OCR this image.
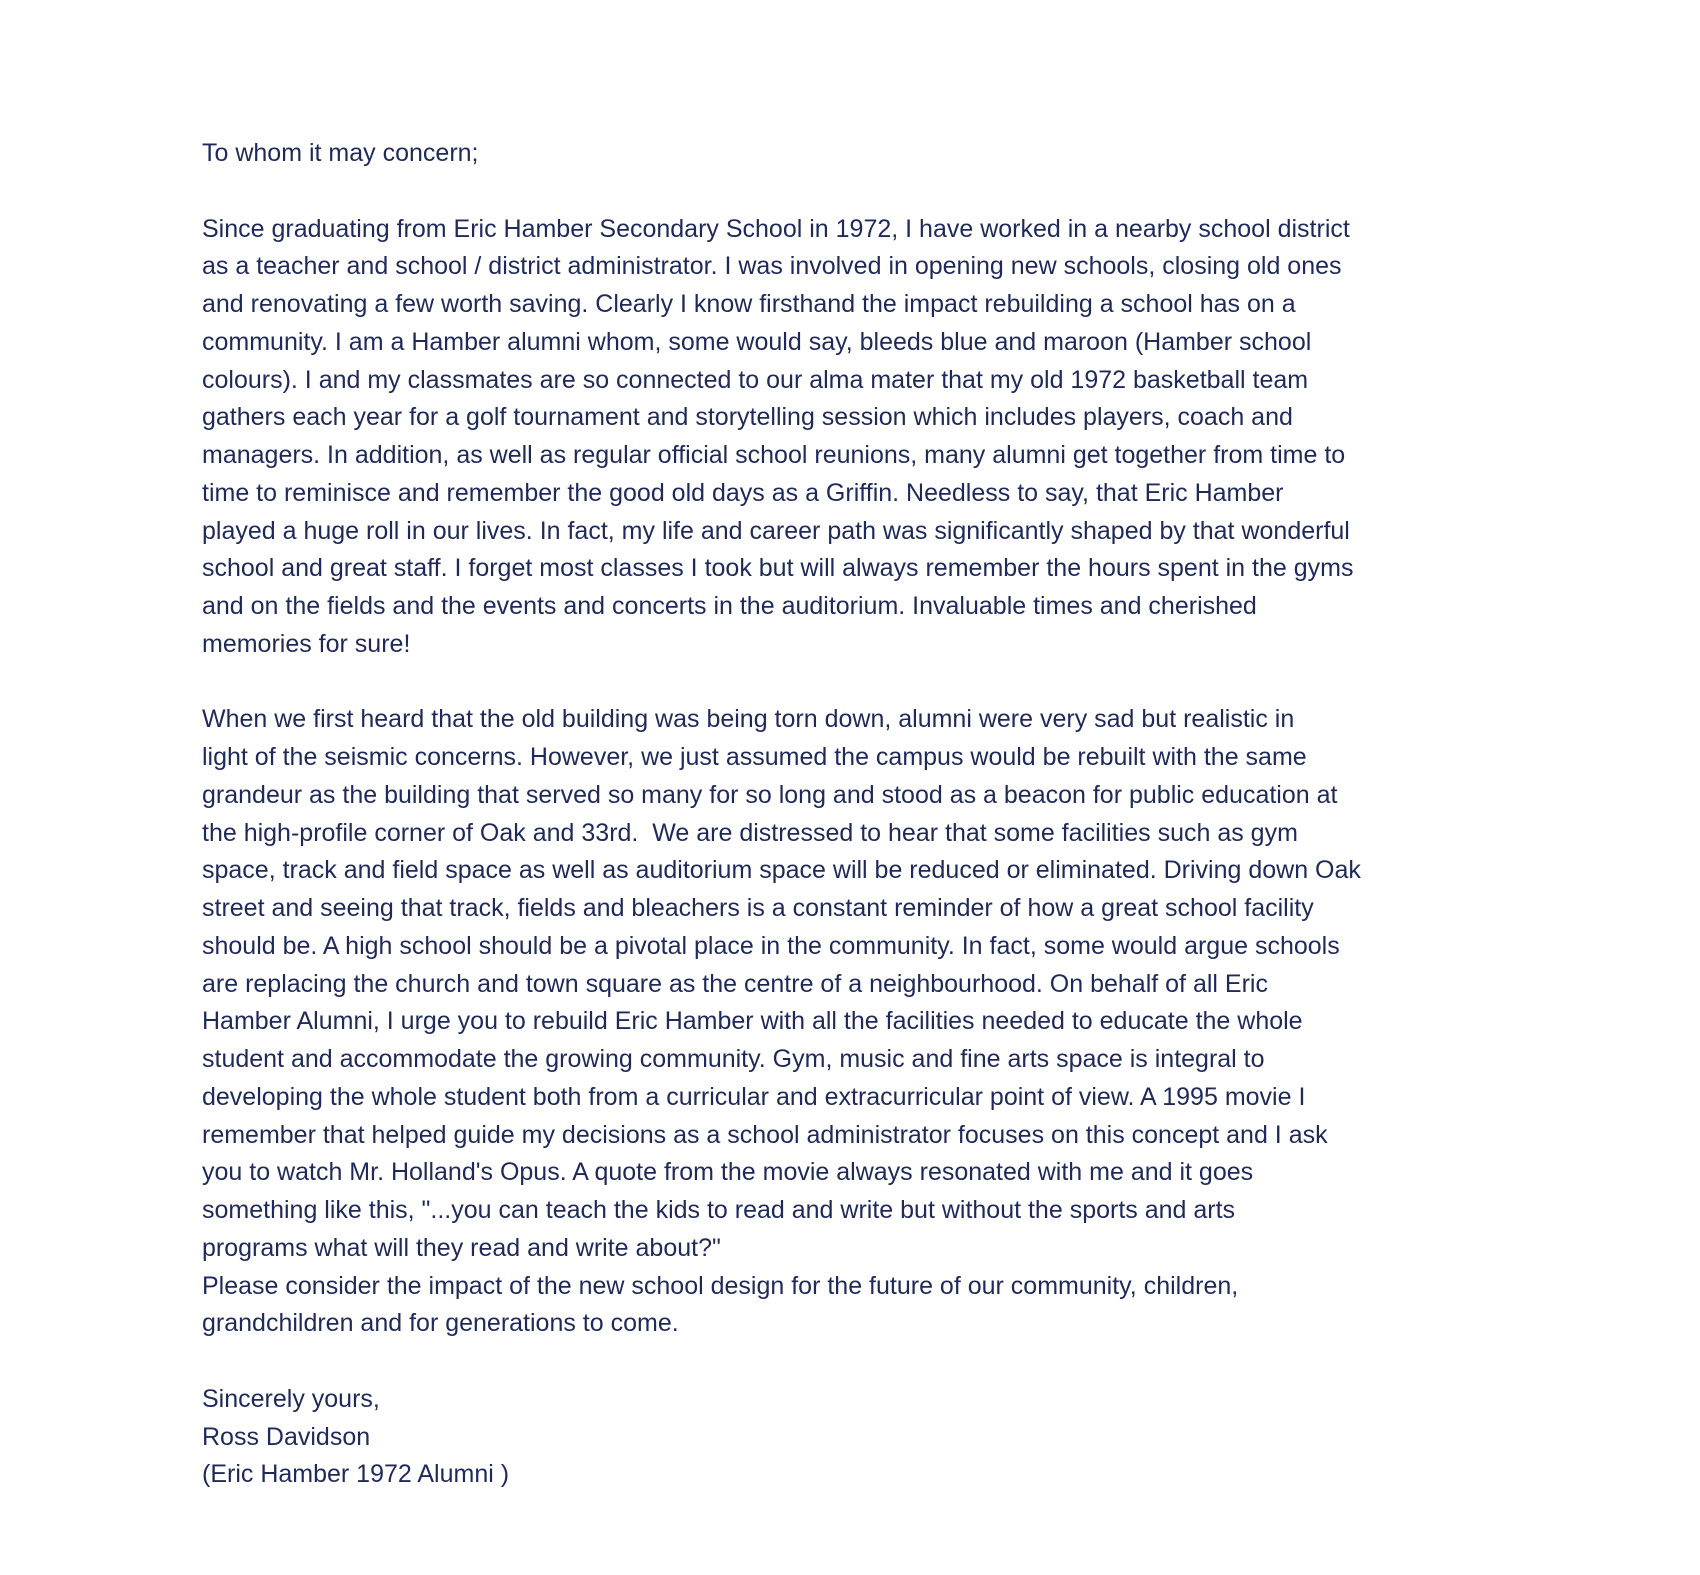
To whom it may concern;
Since graduating from Eric Hamber Secondary School in 1972, I have worked in a nearby school district
as a teacher and school / district administrator. I was involved in opening new schools, closing old ones
and renovating a few worth saving. Clearly I know firsthand the impact rebuilding a school has on a
community. I am a Hamber alumni whom, some would say, bleeds blue and maroon (Hamber school
colours). I and my classmates are so connected to our alma mater that my old 1972 basketball team
gathers each year for a golf tournament and storytelling session which includes players, coach and
managers. In addition, as well as regular official school reunions, many alumni get together from time to
time to reminisce and remember the good old days as a Griffin. Needless to say, that Eric Hamber
played a huge roll in our lives. In fact, my life and career path was significantly shaped by that wonderful
school and great staff. I forget most classes I took but will always remember the hours spent in the gyms
and on the fields and the events and concerts in the auditorium. Invaluable times and cherished
memories for sure!
When we first heard that the old building was being torn down, alumni were very sad but realistic in
light of the seismic concerns. However, we just assumed the campus would be rebuilt with the same
grandeur as the building that served so many for so long and stood as a beacon for public education at
the high-profile corner of Oak and 33rd.  We are distressed to hear that some facilities such as gym
space, track and field space as well as auditorium space will be reduced or eliminated. Driving down Oak
street and seeing that track, fields and bleachers is a constant reminder of how a great school facility
should be. A high school should be a pivotal place in the community. In fact, some would argue schools
are replacing the church and town square as the centre of a neighbourhood. On behalf of all Eric
Hamber Alumni, I urge you to rebuild Eric Hamber with all the facilities needed to educate the whole
student and accommodate the growing community. Gym, music and fine arts space is integral to
developing the whole student both from a curricular and extracurricular point of view. A 1995 movie I
remember that helped guide my decisions as a school administrator focuses on this concept and I ask
you to watch Mr. Holland's Opus. A quote from the movie always resonated with me and it goes
something like this, "...you can teach the kids to read and write but without the sports and arts
programs what will they read and write about?"
Please consider the impact of the new school design for the future of our community, children,
grandchildren and for generations to come.
Sincerely yours,
Ross Davidson
(Eric Hamber 1972 Alumni )
